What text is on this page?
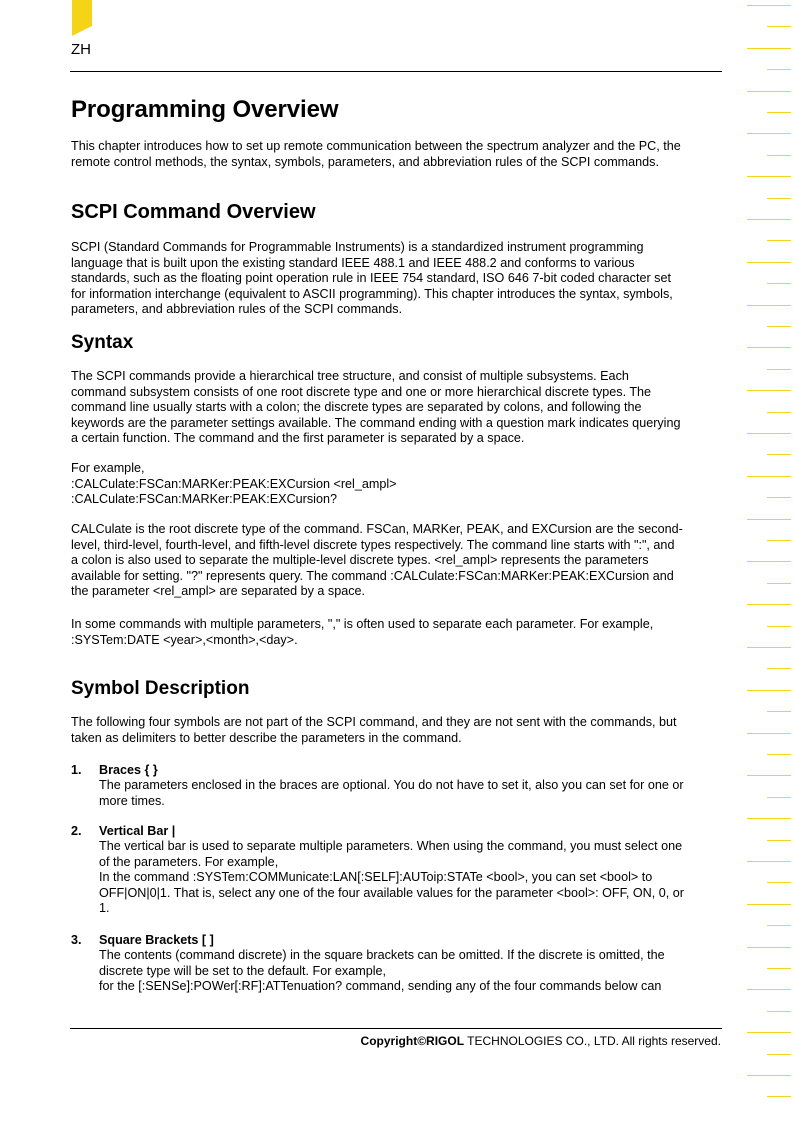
ZH
Programming Overview
This chapter introduces how to set up remote communication between the spectrum analyzer and the PC, the
remote control methods, the syntax, symbols, parameters, and abbreviation rules of the SCPI commands.
SCPI Command Overview
SCPI (Standard Commands for Programmable Instruments) is a standardized instrument programming
language that is built upon the existing standard IEEE 488.1 and IEEE 488.2 and conforms to various
standards, such as the floating point operation rule in IEEE 754 standard, ISO 646 7-bit coded character set
for information interchange (equivalent to ASCII programming). This chapter introduces the syntax, symbols,
parameters, and abbreviation rules of the SCPI commands.
Syntax
The SCPI commands provide a hierarchical tree structure, and consist of multiple subsystems. Each
command subsystem consists of one root discrete type and one or more hierarchical discrete types. The
command line usually starts with a colon; the discrete types are separated by colons, and following the
keywords are the parameter settings available. The command ending with a question mark indicates querying
a certain function. The command and the first parameter is separated by a space.
For example,
:CALCulate:FSCan:MARKer:PEAK:EXCursion <rel_ampl>
:CALCulate:FSCan:MARKer:PEAK:EXCursion?
CALCulate is the root discrete type of the command. FSCan, MARKer, PEAK, and EXCursion are the second-
level, third-level, fourth-level, and fifth-level discrete types respectively. The command line starts with ":", and
a colon is also used to separate the multiple-level discrete types. <rel_ampl> represents the parameters
available for setting. "?" represents query. The command :CALCulate:FSCan:MARKer:PEAK:EXCursion and
the parameter <rel_ampl> are separated by a space.
In some commands with multiple parameters, "," is often used to separate each parameter. For example,
:SYSTem:DATE <year>,<month>,<day>.
Symbol Description
The following four symbols are not part of the SCPI command, and they are not sent with the commands, but
taken as delimiters to better describe the parameters in the command.
1. Braces { }
The parameters enclosed in the braces are optional. You do not have to set it, also you can set for one or
more times.
2. Vertical Bar |
The vertical bar is used to separate multiple parameters. When using the command, you must select one
of the parameters. For example,
In the command :SYSTem:COMMunicate:LAN[:SELF]:AUToip:STATe <bool>, you can set <bool> to
OFF|ON|0|1. That is, select any one of the four available values for the parameter <bool>: OFF, ON, 0, or
1.
3. Square Brackets [ ]
The contents (command discrete) in the square brackets can be omitted. If the discrete is omitted, the
discrete type will be set to the default. For example,
for the [:SENSe]:POWer[:RF]:ATTenuation? command, sending any of the four commands below can
Copyright©RIGOL TECHNOLOGIES CO., LTD. All rights reserved.
